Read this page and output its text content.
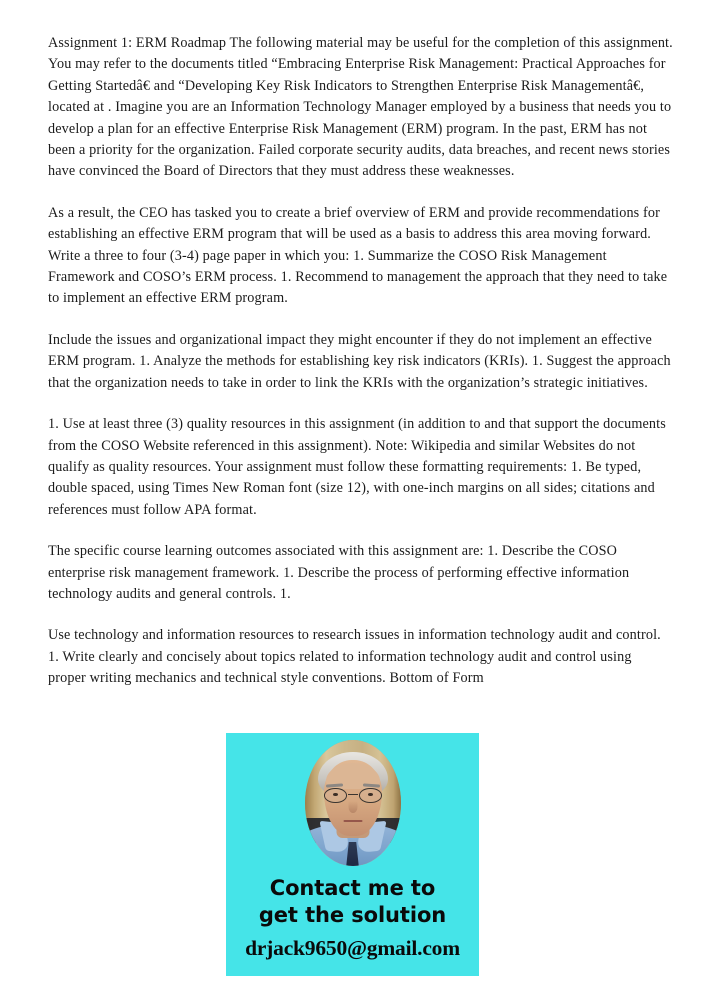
Assignment 1: ERM Roadmap The following material may be useful for the completion of this assignment. You may refer to the documents titled “Embracing Enterprise Risk Management: Practical Approaches for Getting Startedâ€ and “Developing Key Risk Indicators to Strengthen Enterprise Risk Managementâ€, located at . Imagine you are an Information Technology Manager employed by a business that needs you to develop a plan for an effective Enterprise Risk Management (ERM) program. In the past, ERM has not been a priority for the organization. Failed corporate security audits, data breaches, and recent news stories have convinced the Board of Directors that they must address these weaknesses.

As a result, the CEO has tasked you to create a brief overview of ERM and provide recommendations for establishing an effective ERM program that will be used as a basis to address this area moving forward. Write a three to four (3-4) page paper in which you: 1. Summarize the COSO Risk Management Framework and COSO’s ERM process. 1. Recommend to management the approach that they need to take to implement an effective ERM program.

Include the issues and organizational impact they might encounter if they do not implement an effective ERM program. 1. Analyze the methods for establishing key risk indicators (KRIs). 1. Suggest the approach that the organization needs to take in order to link the KRIs with the organization’s strategic initiatives.

1. Use at least three (3) quality resources in this assignment (in addition to and that support the documents from the COSO Website referenced in this assignment). Note: Wikipedia and similar Websites do not qualify as quality resources. Your assignment must follow these formatting requirements: 1. Be typed, double spaced, using Times New Roman font (size 12), with one-inch margins on all sides; citations and references must follow APA format.

The specific course learning outcomes associated with this assignment are: 1. Describe the COSO enterprise risk management framework. 1. Describe the process of performing effective information technology audits and general controls. 1.

Use technology and information resources to research issues in information technology audit and control. 1. Write clearly and concisely about topics related to information technology audit and control using proper writing mechanics and technical style conventions. Bottom of Form

Contact me to
get the solution
drjack9650@gmail.com
